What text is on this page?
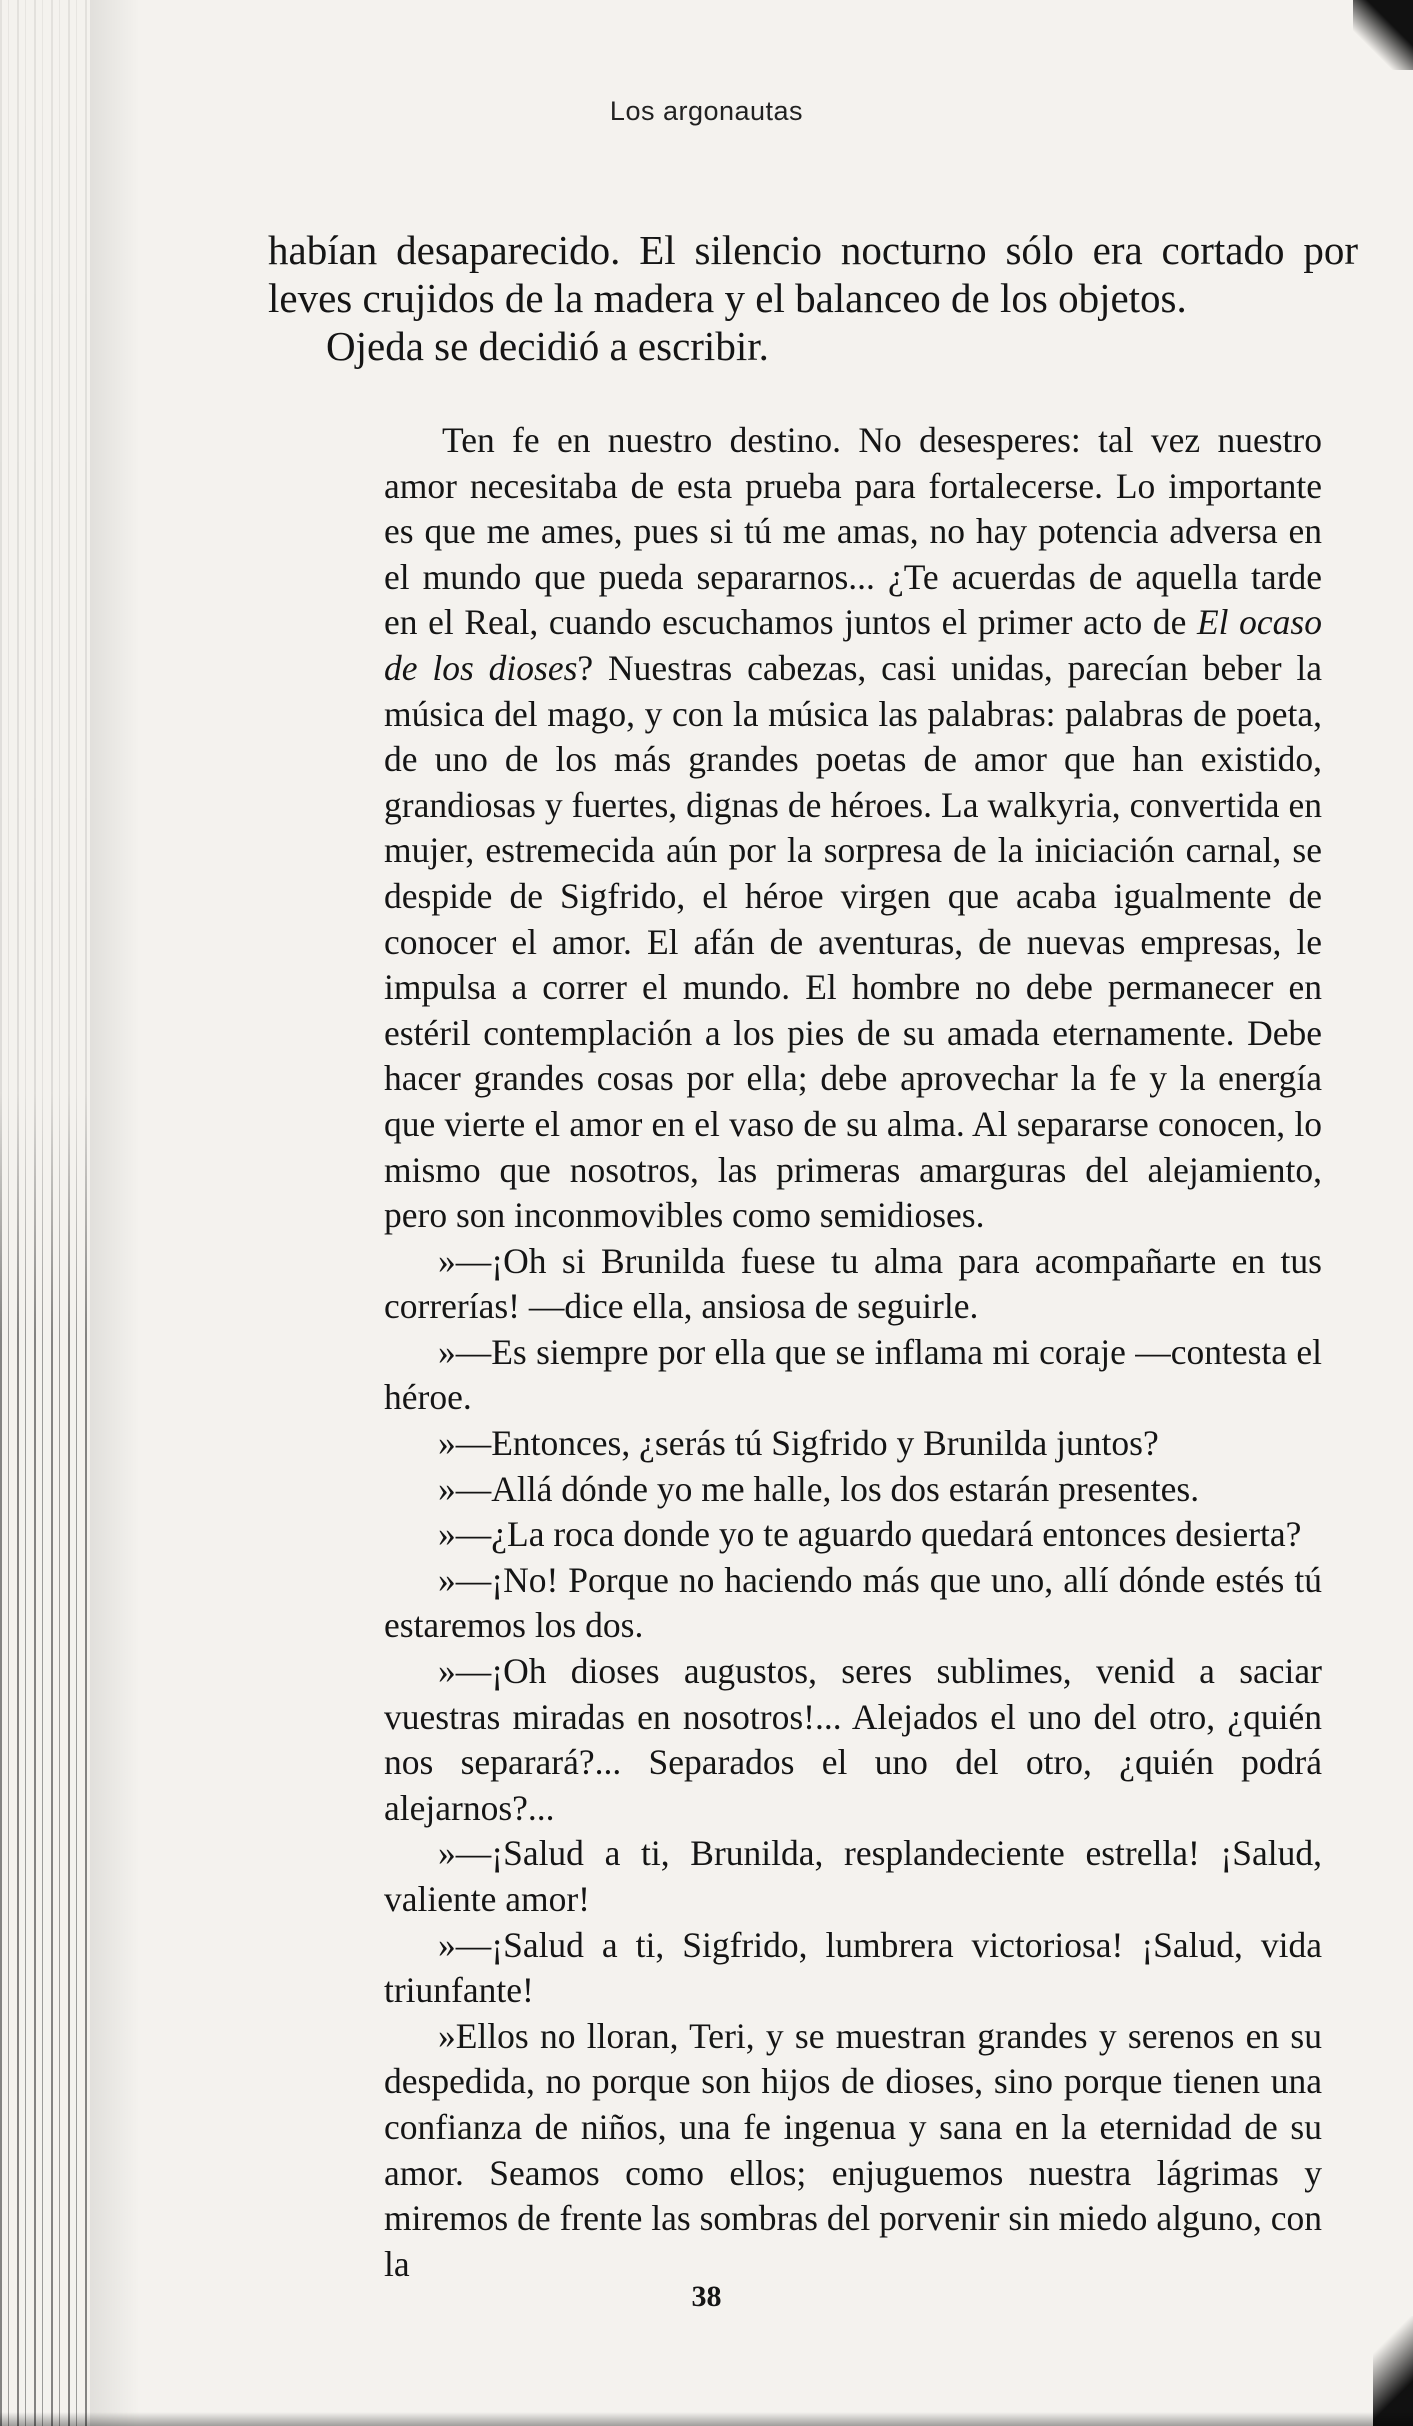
Los argonautas

habían desaparecido. El silencio nocturno sólo era cortado por leves crujidos de la madera y el balanceo de los objetos.

Ojeda se decidió a escribir.

Ten fe en nuestro destino. No desesperes: tal vez nuestro amor necesitaba de esta prueba para fortalecerse. Lo importante es que me ames, pues si tú me amas, no hay potencia adversa en el mundo que pueda separarnos... ¿Te acuerdas de aquella tarde en el Real, cuando escuchamos juntos el primer acto de El ocaso de los dioses? Nuestras cabezas, casi unidas, parecían beber la música del mago, y con la música las palabras: palabras de poeta, de uno de los más grandes poetas de amor que han existido, grandiosas y fuertes, dignas de héroes. La walkyria, convertida en mujer, estremecida aún por la sorpresa de la iniciación carnal, se despide de Sigfrido, el héroe virgen que acaba igualmente de conocer el amor. El afán de aventuras, de nuevas empresas, le impulsa a correr el mundo. El hombre no debe permanecer en estéril contemplación a los pies de su amada eternamente. Debe hacer grandes cosas por ella; debe aprovechar la fe y la energía que vierte el amor en el vaso de su alma. Al separarse conocen, lo mismo que nosotros, las primeras amarguras del alejamiento, pero son inconmovibles como semidioses.

»—¡Oh si Brunilda fuese tu alma para acompañarte en tus correrías! —dice ella, ansiosa de seguirle.

»—Es siempre por ella que se inflama mi coraje —contesta el héroe.

»—Entonces, ¿serás tú Sigfrido y Brunilda juntos?

»—Allá dónde yo me halle, los dos estarán presentes.

»—¿La roca donde yo te aguardo quedará entonces desierta?

»—¡No! Porque no haciendo más que uno, allí dónde estés tú estaremos los dos.

»—¡Oh dioses augustos, seres sublimes, venid a saciar vuestras miradas en nosotros!... Alejados el uno del otro, ¿quién nos separará?... Separados el uno del otro, ¿quién podrá alejarnos?...

»—¡Salud a ti, Brunilda, resplandeciente estrella! ¡Salud, valiente amor!

»—¡Salud a ti, Sigfrido, lumbrera victoriosa! ¡Salud, vida triunfante!

»Ellos no lloran, Teri, y se muestran grandes y serenos en su despedida, no porque son hijos de dioses, sino porque tienen una confianza de niños, una fe ingenua y sana en la eternidad de su amor. Seamos como ellos; enjuguemos nuestra lágrimas y miremos de frente las sombras del porvenir sin miedo alguno, con la

38
